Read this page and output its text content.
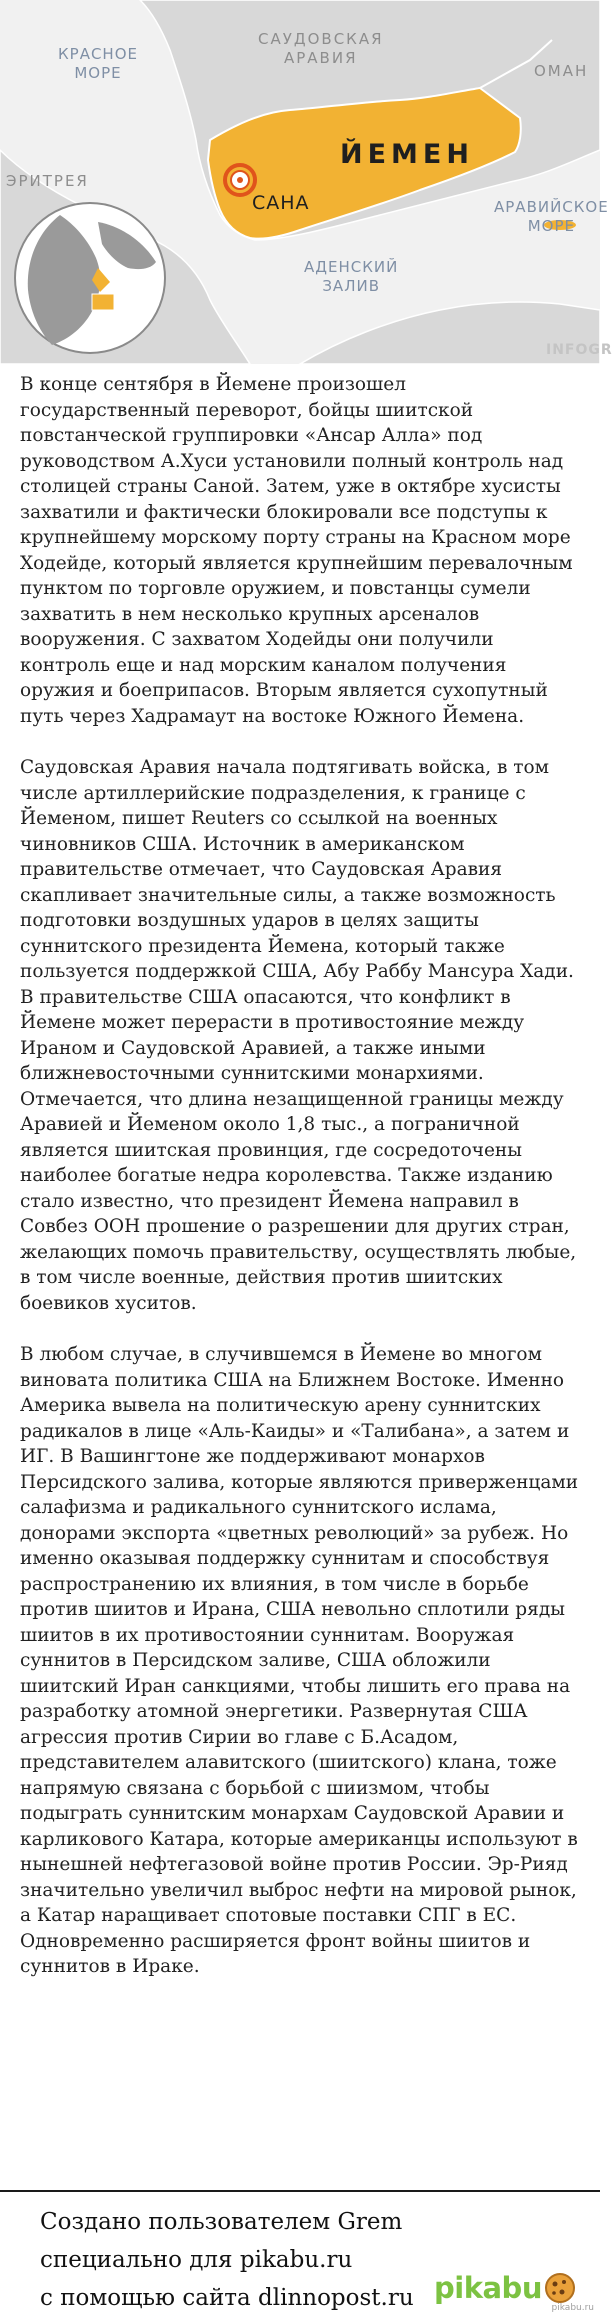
САУДОВСКАЯ
АРАВИЯ
КРАСНОЕ
МОРЕ	ОМАН
ЭРИТРЕЯ
ЙЕМЕН
САНА	АРАВИЙСКОЕ
МОРЕ
АДЕНСКИЙ
ЗАЛИВ
INFOGR

В конце сентября в Йемене произошел государственный переворот, бойцы шиитской повстанческой группировки «Ансар Алла» под руководством А.Хуси установили полный контроль над столицей страны Саной. Затем, уже в октябре хусисты захватили и фактически блокировали все подступы к крупнейшему морскому порту страны на Красном море Ходейде, который является крупнейшим перевалочным пунктом по торговле оружием, и повстанцы сумели захватить в нем несколько крупных арсеналов вооружения. С захватом Ходейды они получили контроль еще и над морским каналом получения оружия и боеприпасов. Вторым является сухопутный путь через Хадрамаут на востоке Южного Йемена.

Саудовская Аравия начала подтягивать войска, в том числе артиллерийские подразделения, к границе с Йеменом, пишет Reuters со ссылкой на военных чиновников США. Источник в американском правительстве отмечает, что Саудовская Аравия скапливает значительные силы, а также возможность подготовки воздушных ударов в целях защиты суннитского президента Йемена, который также пользуется поддержкой США, Абу Раббу Мансура Хади. В правительстве США опасаются, что конфликт в Йемене может перерасти в противостояние между Ираном и Саудовской Аравией, а также иными ближневосточными суннитскими монархиями. Отмечается, что длина незащищенной границы между Аравией и Йеменом около 1,8 тыс., а пограничной является шиитская провинция, где сосредоточены наиболее богатые недра королевства. Также изданию стало известно, что президент Йемена направил в Совбез ООН прошение о разрешении для других стран, желающих помочь правительству, осуществлять любые, в том числе военные, действия против шиитских боевиков хуситов.

В любом случае, в случившемся в Йемене во многом виновата политика США на Ближнем Востоке. Именно Америка вывела на политическую арену суннитских радикалов в лице «Аль-Каиды» и «Талибана», а затем и ИГ. В Вашингтоне же поддерживают монархов Персидского залива, которые являются приверженцами салафизма и радикального суннитского ислама, донорами экспорта «цветных революций» за рубеж. Но именно оказывая поддержку суннитам и способствуя распространению их влияния, в том числе в борьбе против шиитов и Ирана, США невольно сплотили ряды шиитов в их противостоянии суннитам. Вооружая суннитов в Персидском заливе, США обложили шиитский Иран санкциями, чтобы лишить его права на разработку атомной энергетики. Развернутая США агрессия против Сирии во главе с Б.Асадом, представителем алавитского (шиитского) клана, тоже напрямую связана с борьбой с шиизмом, чтобы подыграть суннитским монархам Саудовской Аравии и карликового Катара, которые американцы используют в нынешней нефтегазовой войне против России. Эр-Рияд значительно увеличил выброс нефти на мировой рынок, а Катар наращивает спотовые поставки СПГ в ЕС. Одновременно расширяется фронт войны шиитов и суннитов в Ираке.

Создано пользователем Grem

специально для pikabu.ru

с помощью сайта dlinnopost.ru pikabu
pikabu.ru
